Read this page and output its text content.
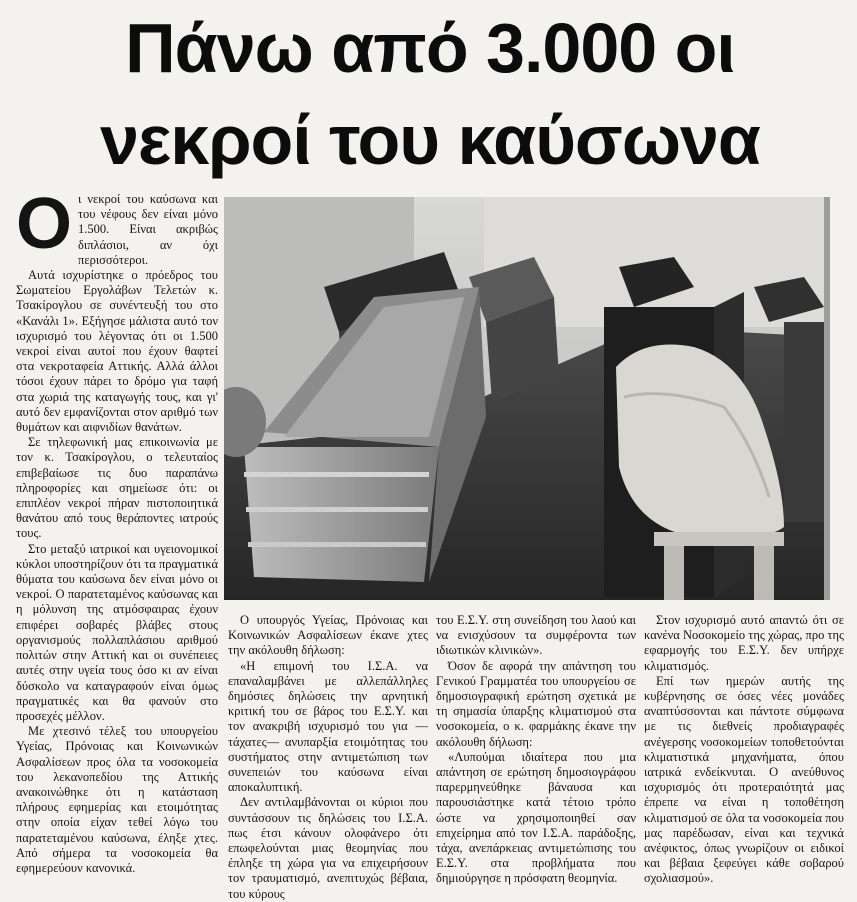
Πάνω από 3.000 οι
νεκροί του καύσωνα

Οι νεκροί του καύσωνα και του νέφους δεν είναι μόνο 1.500. Είναι ακριβώς διπλάσιοι, αν όχι περισσότεροι.

Αυτά ισχυρίστηκε ο πρόεδρος του Σωματείου Εργολάβων Τελετών κ. Τσακίρογλου σε συνέντευξή του στο «Κανάλι 1». Εξήγησε μάλιστα αυτό τον ισχυρισμό του λέγοντας ότι οι 1.500 νεκροί είναι αυτοί που έχουν θαφτεί στα νεκροταφεία Αττικής. Αλλά άλλοι τόσοι έχουν πάρει το δρόμο για ταφή στα χωριά της καταγωγής τους, και γι' αυτό δεν εμφανίζονται στον αριθμό των θυμάτων και αιφνιδίων θανάτων.

Σε τηλεφωνική μας επικοινωνία με τον κ. Τσακίρογλου, ο τελευταίος επιβεβαίωσε τις δυο παραπάνω πληροφορίες και σημείωσε ότι: οι επιπλέον νεκροί πήραν πιστοποιητικά θανάτου από τους θεράποντες ιατρούς τους.

Στο μεταξύ ιατρικοί και υγειονομικοί κύκλοι υποστηρίζουν ότι τα πραγματικά θύματα του καύσωνα δεν είναι μόνο οι νεκροί. Ο παρατεταμένος καύσωνας και η μόλυνση της ατμόσφαιρας έχουν επιφέρει σοβαρές βλάβες στους οργανισμούς πολλαπλάσιου αριθμού πολιτών στην Αττική και οι συνέπειες αυτές στην υγεία τους όσο κι αν είναι δύσκολο να καταγραφούν είναι όμως πραγματικές και θα φανούν στο προσεχές μέλλον.

Με χτεσινό τέλεξ του υπουργείου Υγείας, Πρόνοιας και Κοινωνικών Ασφαλίσεων προς όλα τα νοσοκομεία του λεκανοπεδίου της Αττικής ανακοινώθηκε ότι η κατάσταση πλήρους εφημερίας και ετοιμότητας στην οποία είχαν τεθεί λόγω του παρατεταμένου καύσωνα, έληξε χτες. Από σήμερα τα νοσοκομεία θα εφημερεύουν κανονικά.

Ο υπουργός Υγείας, Πρόνοιας και Κοινωνικών Ασφαλίσεων έκανε χτες την ακόλουθη δήλωση:

«Η επιμονή του Ι.Σ.Α. να επαναλαμβάνει με αλλεπάλληλες δημόσιες δηλώσεις την αρνητική κριτική του σε βάρος του Ε.Σ.Υ. και τον ανακριβή ισχυρισμό του για — τάχατες— ανυπαρξία ετοιμότητας του συστήματος στην αντιμετώπιση των συνεπειών του καύσωνα είναι αποκαλυπτική.

Δεν αντιλαμβάνονται οι κύριοι που συντάσσουν τις δηλώσεις του Ι.Σ.Α. πως έτσι κάνουν ολοφάνερο ότι επωφελούνται μιας θεομηνίας που έπληξε τη χώρα για να επιχειρήσουν τον τραυματισμό, ανεπιτυχώς βέβαια, του κύρους

του Ε.Σ.Υ. στη συνείδηση του λαού και να ενισχύσουν τα συμφέροντα των ιδιωτικών κλινικών».

Όσον δε αφορά την απάντηση του Γενικού Γραμματέα του υπουργείου σε δημοσιογραφική ερώτηση σχετικά με τη σημασία ύπαρξης κλιματισμού στα νοσοκομεία, ο κ. φαρμάκης έκανε την ακόλουθη δήλωση:

«Λυπούμαι ιδιαίτερα που μια απάντηση σε ερώτηση δημοσιογράφου παρερμηνεύθηκε βάναυσα και παρουσιάστηκε κατά τέτοιο τρόπο ώστε να χρησιμοποιηθεί σαν επιχείρημα από τον Ι.Σ.Α. παράδοξης, τάχα, ανεπάρκειας αντιμετώπισης του Ε.Σ.Υ. στα προβλήματα που δημιούργησε η πρόσφατη θεομηνία.

Στον ισχυρισμό αυτό απαντώ ότι σε κανένα Νοσοκομείο της χώρας, προ της εφαρμογής του Ε.Σ.Υ. δεν υπήρχε κλιματισμός.

Επί των ημερών αυτής της κυβέρνησης σε όσες νέες μονάδες αναπτύσσονται και πάντοτε σύμφωνα με τις διεθνείς προδιαγραφές ανέγερσης νοσοκομείων τοποθετούνται κλιματιστικά μηχανήματα, όπου ιατρικά ενδείκνυται. Ο ανεύθυνος ισχυρισμός ότι προτεραιότητά μας έπρεπε να είναι η τοποθέτηση κλιματισμού σε όλα τα νοσοκομεία που μας παρέδωσαν, είναι και τεχνικά ανέφικτος, όπως γνωρίζουν οι ειδικοί και βέβαια ξεφεύγει κάθε σοβαρού σχολιασμού».
